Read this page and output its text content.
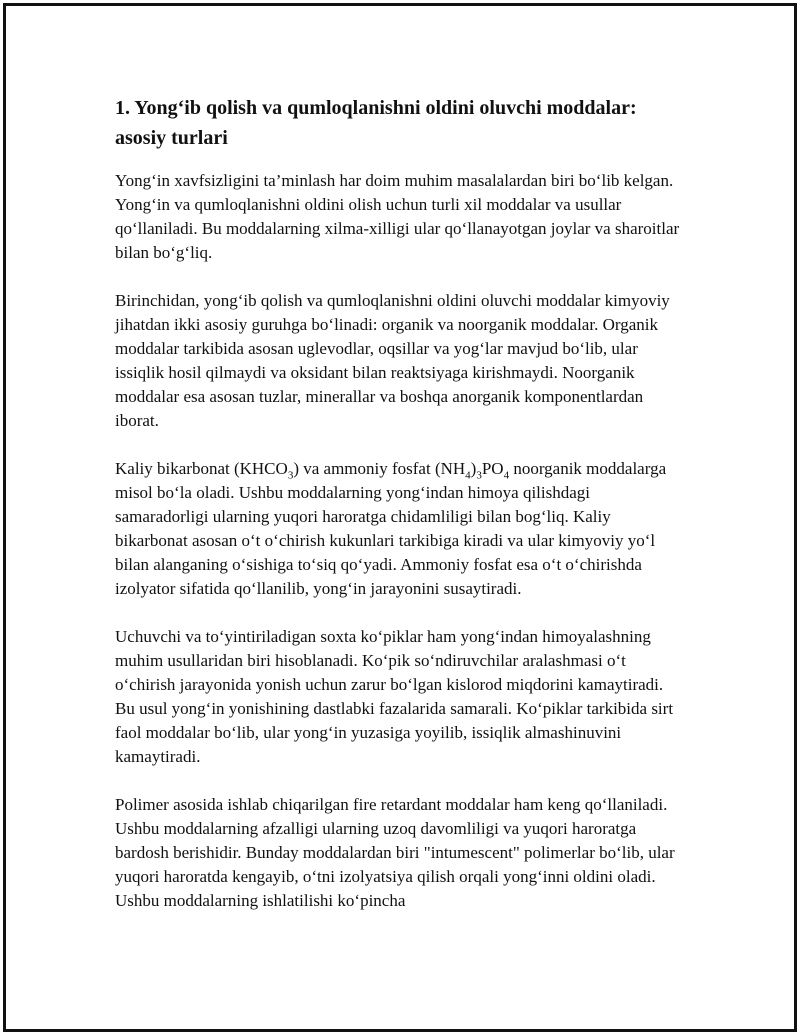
1. Yong‘ib qolish va qumloqlanishni oldini oluvchi moddalar: asosiy turlari

Yong‘in xavfsizligini ta’minlash har doim muhim masalalardan biri bo‘lib kelgan. Yong‘in va qumloqlanishni oldini olish uchun turli xil moddalar va usullar qo‘llaniladi. Bu moddalarning xilma-xilligi ular qo‘llanayotgan joylar va sharoitlar bilan bo‘g‘liq.

Birinchidan, yong‘ib qolish va qumloqlanishni oldini oluvchi moddalar kimyoviy jihatdan ikki asosiy guruhga bo‘linadi: organik va noorganik moddalar. Organik moddalar tarkibida asosan uglevodlar, oqsillar va yog‘lar mavjud bo‘lib, ular issiqlik hosil qilmaydi va oksidant bilan reaktsiyaga kirishmaydi. Noorganik moddalar esa asosan tuzlar, minerallar va boshqa anorganik komponentlardan iborat.

Kaliy bikarbonat $(KHCO_3)$ va ammoniy fosfat $(NH_4)_3PO_4$ noorganik moddalarga misol bo‘la oladi. Ushbu moddalarning yong‘indan himoya qilishdagi samaradorligi ularning yuqori haroratga chidamliligi bilan bog‘liq. Kaliy bikarbonat asosan o‘t o‘chirish kukunlari tarkibiga kiradi va ular kimyoviy yo‘l bilan alanganing o‘sishiga to‘siq qo‘yadi. Ammoniy fosfat esa o‘t o‘chirishda izolyator sifatida qo‘llanilib, yong‘in jarayonini susaytiradi.

Uchuvchi va to‘yintiriladigan soxta ko‘piklar ham yong‘indan himoyalashning muhim usullaridan biri hisoblanadi. Ko‘pik so‘ndiruvchilar aralashmasi o‘t o‘chirish jarayonida yonish uchun zarur bo‘lgan kislorod miqdorini kamaytiradi. Bu usul yong‘in yonishining dastlabki fazalarida samarali. Ko‘piklar tarkibida sirt faol moddalar bo‘lib, ular yong‘in yuzasiga yoyilib, issiqlik almashinuvini kamaytiradi.

Polimer asosida ishlab chiqarilgan fire retardant moddalar ham keng qo‘llaniladi. Ushbu moddalarning afzalligi ularning uzoq davomliligi va yuqori haroratga bardosh berishidir. Bunday moddalardan biri "intumescent" polimerlar bo‘lib, ular yuqori haroratda kengayib, o‘tni izolyatsiya qilish orqali yong‘inni oldini oladi. Ushbu moddalarning ishlatilishi ko‘pincha
